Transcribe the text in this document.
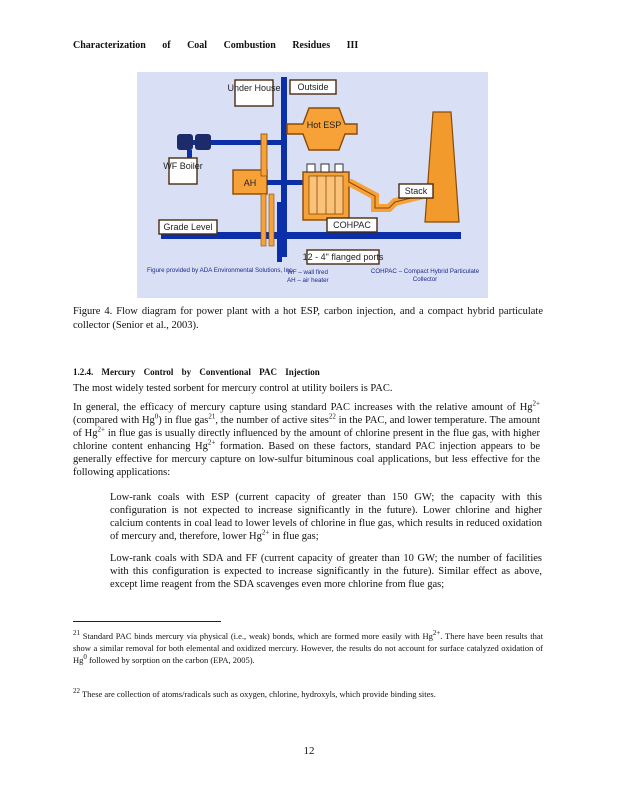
Characterization of Coal Combustion Residues III
Under House Outside
Hot ESP
WF Boiler
AH
COHPAC
Stack
Grade Level
12 - 4" flanged ports
Figure provided by ADA Environmental Solutions, Inc.
WF – wall fired
AH – air heater
COHPAC – Compact Hybrid Particulate Collector
Figure 4. Flow diagram for power plant with a hot ESP, carbon injection, and a compact hybrid particulate collector (Senior et al., 2003).
1.2.4. Mercury Control by Conventional PAC Injection
The most widely tested sorbent for mercury control at utility boilers is PAC.
In general, the efficacy of mercury capture using standard PAC increases with the relative amount of $Hg^{2+}$ (compared with Hg$^0$) in flue gas$^{21}$, the number of active sites$^{22}$ in the PAC, and lower temperature. The amount of $Hg^{2+}$ in flue gas is usually directly influenced by the amount of chlorine present in the flue gas, with higher chlorine content enhancing $Hg^{2+}$ formation. Based on these factors, standard PAC injection appears to be generally effective for mercury capture on low-sulfur bituminous coal applications, but less effective for the following applications:
Low-rank coals with ESP (current capacity of greater than 150 GW; the capacity with this configuration is not expected to increase significantly in the future). Lower chlorine and higher calcium contents in coal lead to lower levels of chlorine in flue gas, which results in reduced oxidation of mercury and, therefore, lower $Hg^{2+}$ in flue gas;
Low-rank coals with SDA and FF (current capacity of greater than 10 GW; the number of facilities with this configuration is expected to increase significantly in the future). Similar effect as above, except lime reagent from the SDA scavenges even more chlorine from flue gas;
$^{21}$ Standard PAC binds mercury via physical (i.e., weak) bonds, which are formed more easily with $Hg^{2+}$. There have been results that show a similar removal for both elemental and oxidized mercury. However, the results do not account for surface catalyzed oxidation of Hg$^0$ followed by sorption on the carbon (EPA, 2005).
$^{22}$ These are collection of atoms/radicals such as oxygen, chlorine, hydroxyls, which provide binding sites.
12
